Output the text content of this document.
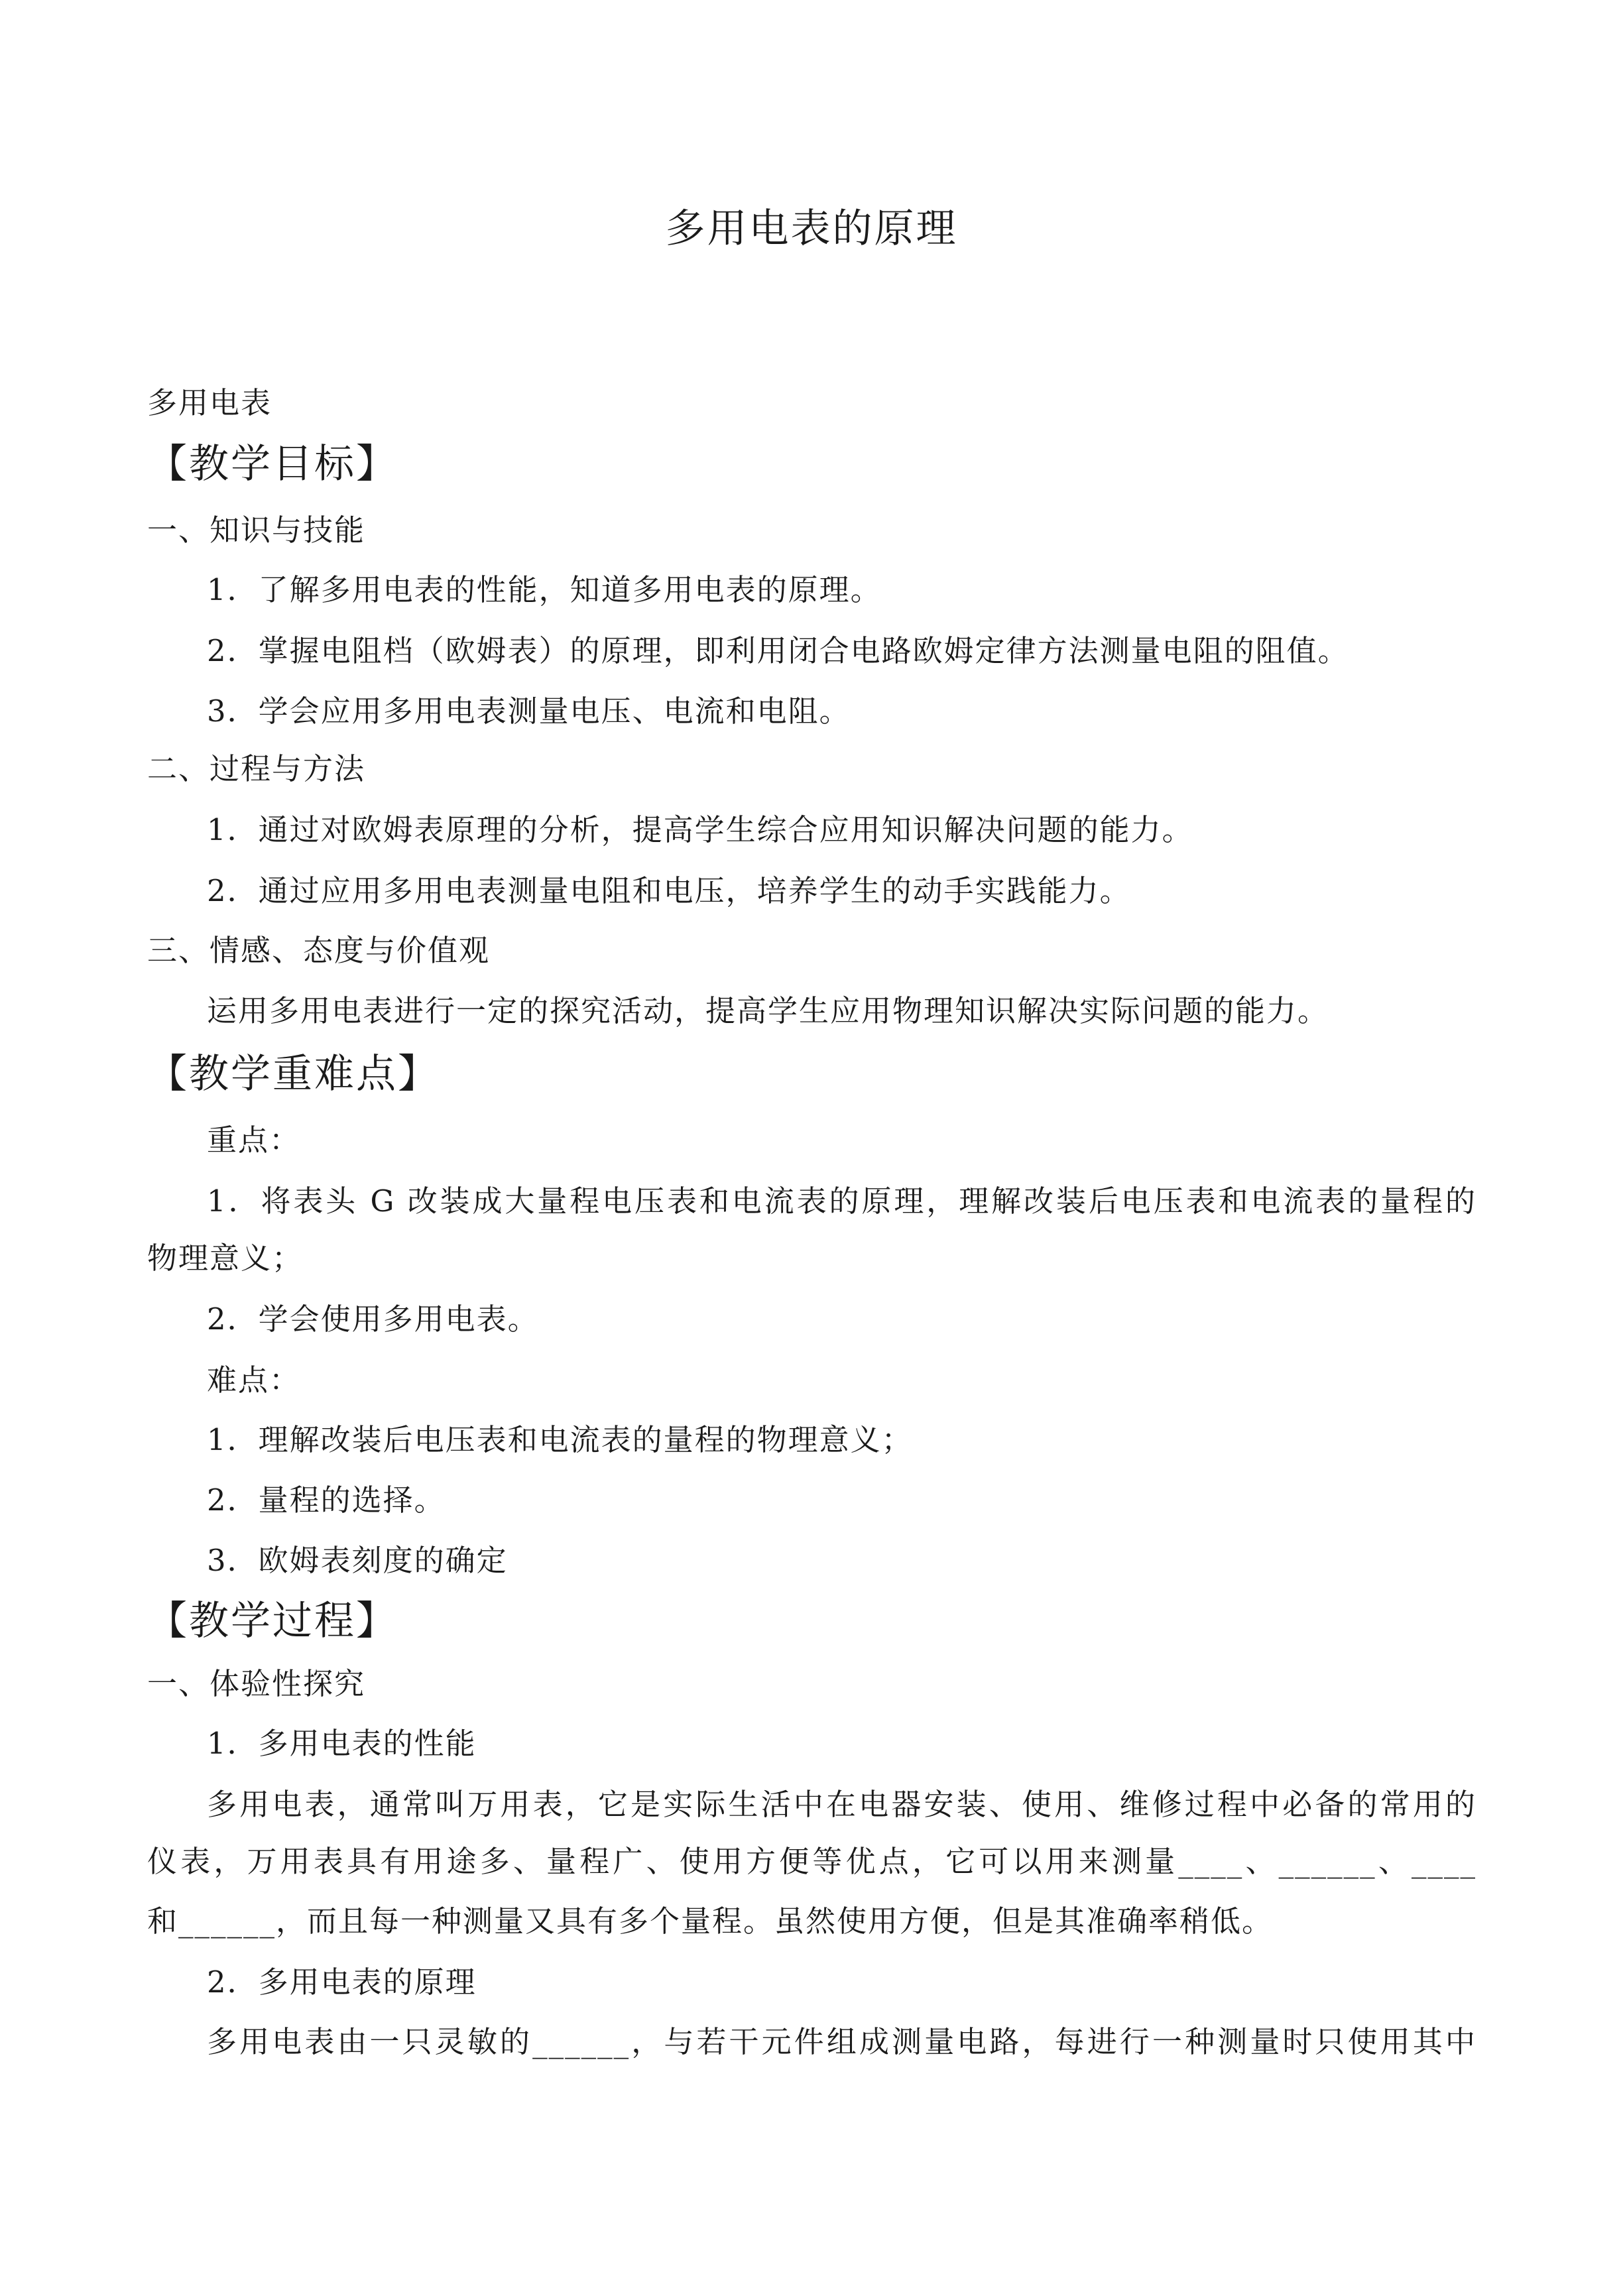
多用电表的原理
多用电表
【教学目标】
一、知识与技能
1．了解多用电表的性能，知道多用电表的原理。
2．掌握电阻档（欧姆表）的原理，即利用闭合电路欧姆定律方法测量电阻的阻值。
3．学会应用多用电表测量电压、电流和电阻。
二、过程与方法
1．通过对欧姆表原理的分析，提高学生综合应用知识解决问题的能力。
2．通过应用多用电表测量电阻和电压，培养学生的动手实践能力。
三、情感、态度与价值观
运用多用电表进行一定的探究活动，提高学生应用物理知识解决实际问题的能力。
【教学重难点】
重点：
1．将表头 G 改装成大量程电压表和电流表的原理，理解改装后电压表和电流表的量程的
物理意义；
2．学会使用多用电表。
难点：
1．理解改装后电压表和电流表的量程的物理意义；
2．量程的选择。
3．欧姆表刻度的确定
【教学过程】
一、体验性探究
1．多用电表的性能
多用电表，通常叫万用表，它是实际生活中在电器安装、使用、维修过程中必备的常用的
仪表，万用表具有用途多、量程广、使用方便等优点，它可以用来测量____、______、____
和______，而且每一种测量又具有多个量程。虽然使用方便，但是其准确率稍低。
2．多用电表的原理
多用电表由一只灵敏的______，与若干元件组成测量电路，每进行一种测量时只使用其中
